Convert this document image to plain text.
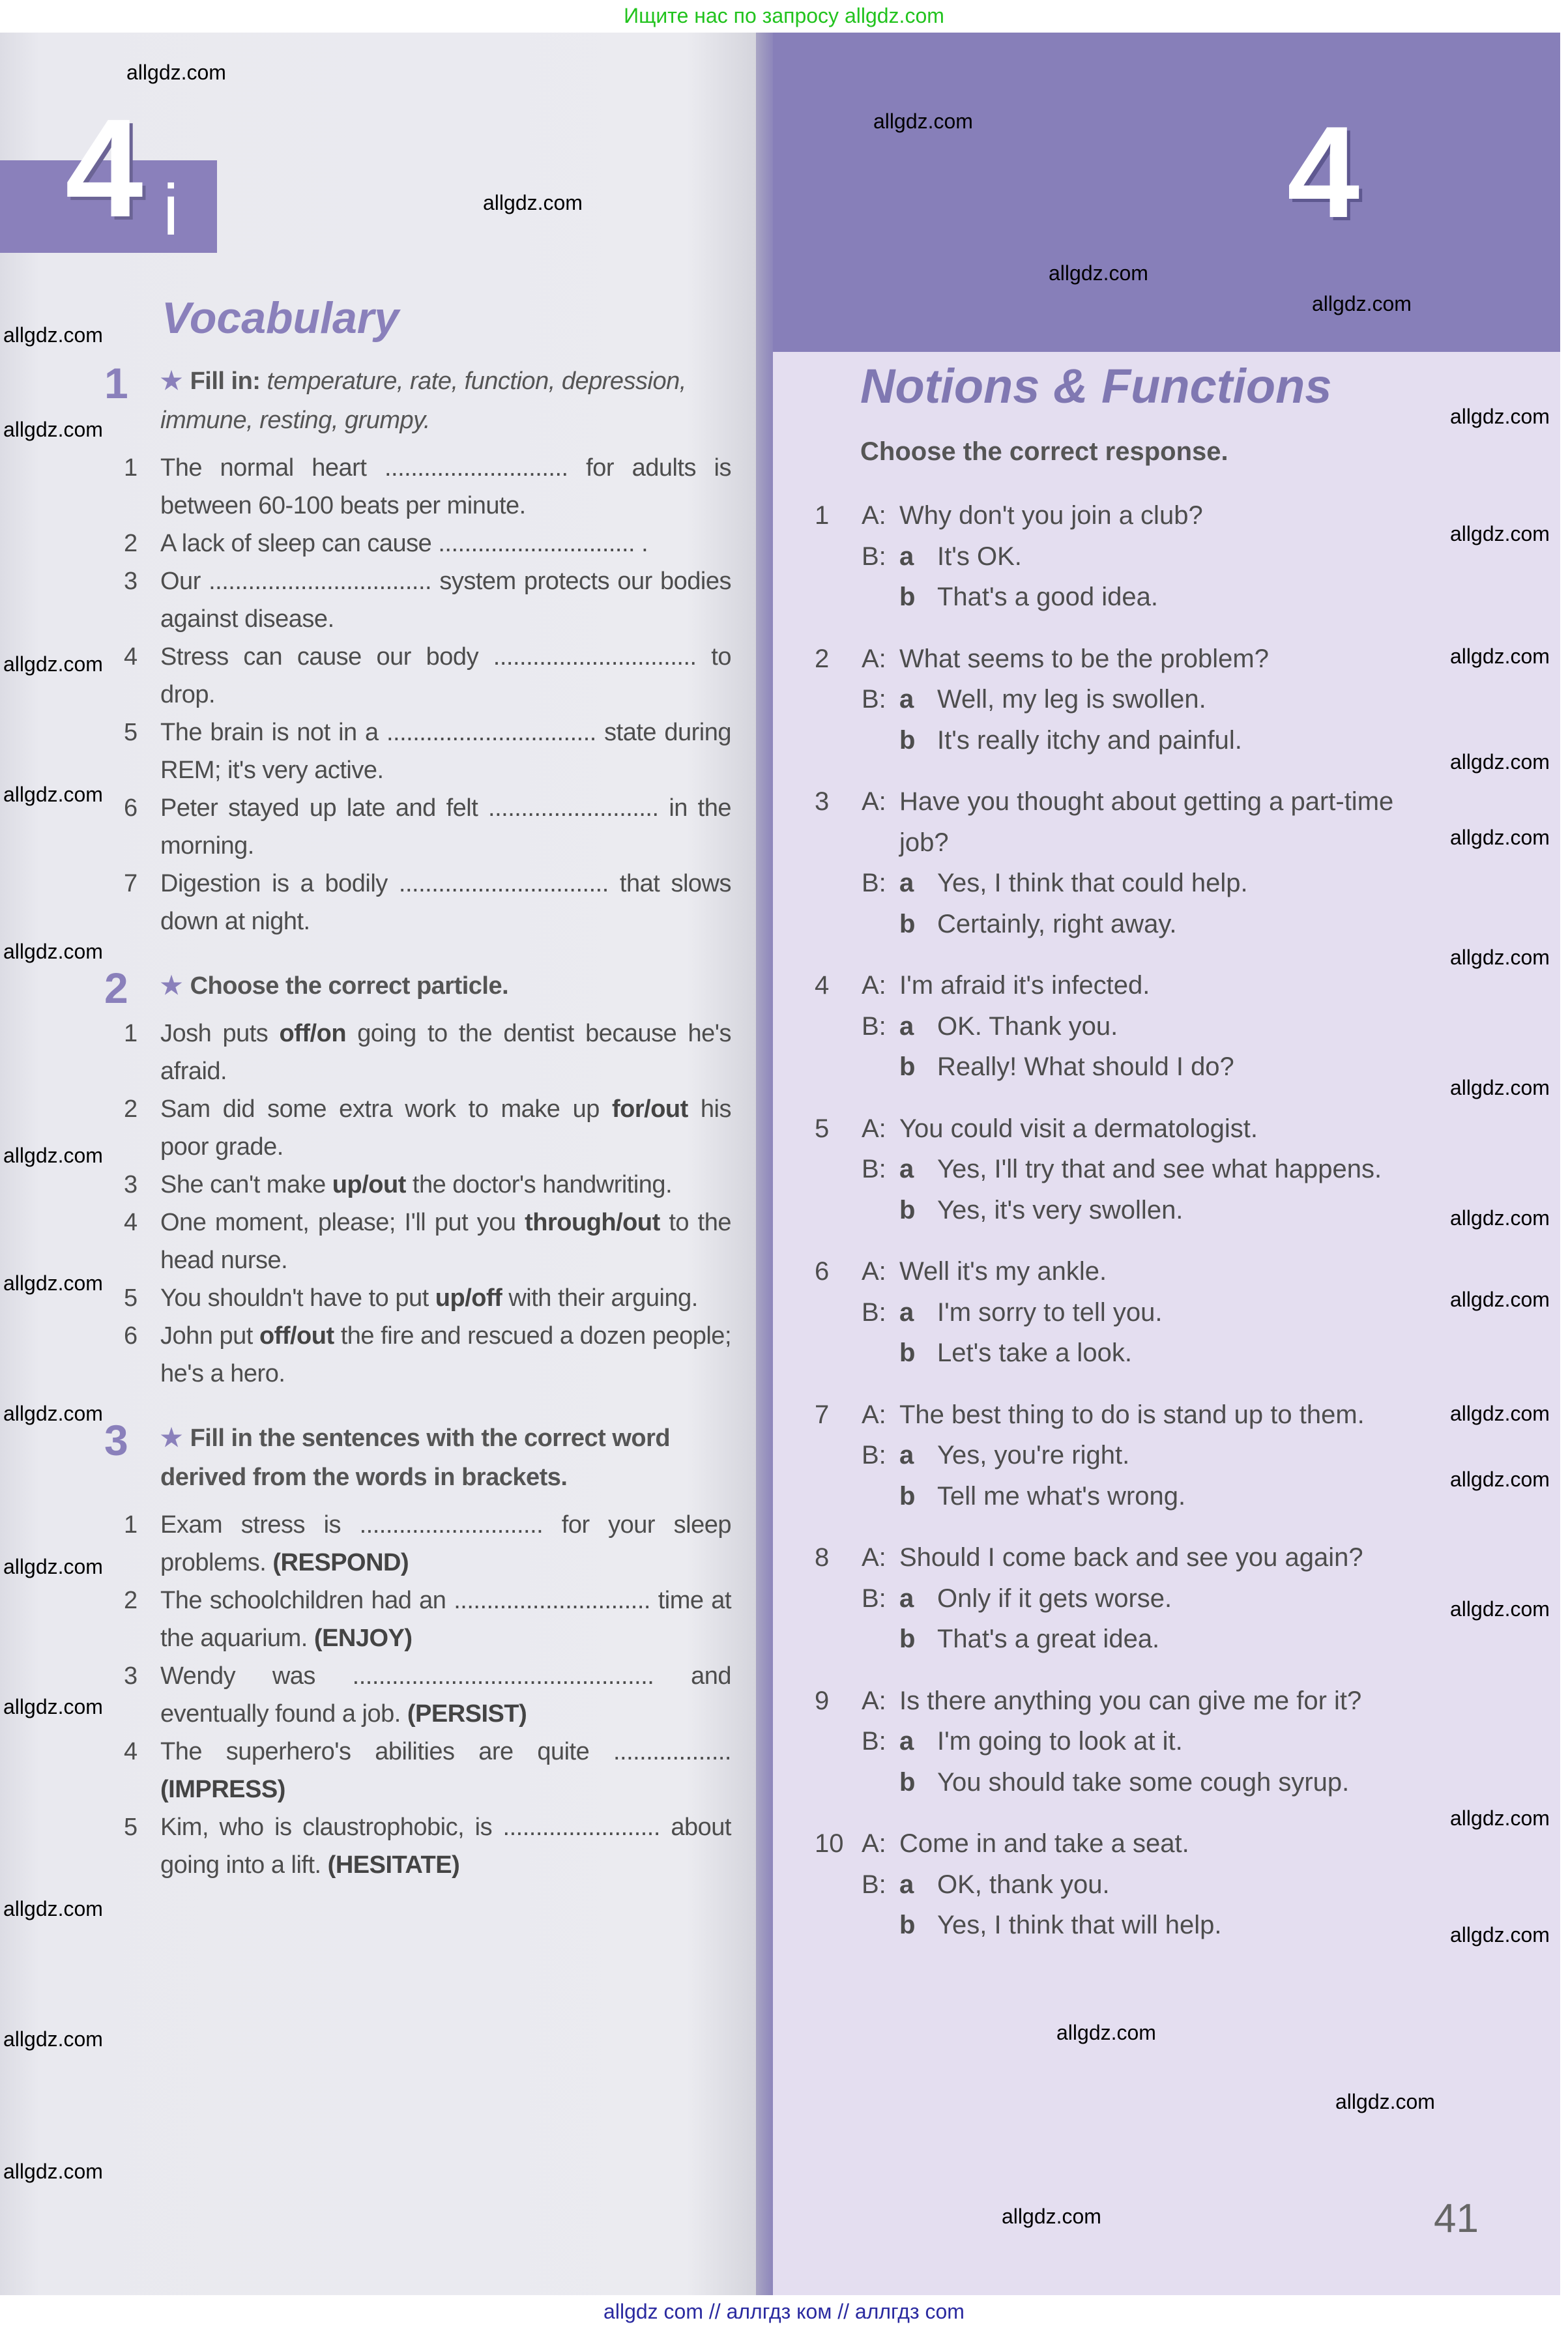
Ищите нас по запросу allgdz.com
4 i	4
Vocabulary
1 ★ Fill in: temperature, rate, function, depression, immune, resting, grumpy.
1 The normal heart ............................ for adults is between 60-100 beats per minute.
2 A lack of sleep can cause .............................. .
3 Our .................................. system protects our bodies against disease.
4 Stress can cause our body ............................... to drop.
5 The brain is not in a ................................ state during REM; it's very active.
6 Peter stayed up late and felt .......................... in the morning.
7 Digestion is a bodily ................................ that slows down at night.
2 ★ Choose the correct particle.
1 Josh puts off/on going to the dentist because he's afraid.
2 Sam did some extra work to make up for/out his poor grade.
3 She can't make up/out the doctor's handwriting.
4 One moment, please; I'll put you through/out to the head nurse.
5 You shouldn't have to put up/off with their arguing.
6 John put off/out the fire and rescued a dozen people; he's a hero.
3 ★ Fill in the sentences with the correct word derived from the words in brackets.
1 Exam stress is ............................ for your sleep problems. (RESPOND)
2 The schoolchildren had an .............................. time at the aquarium. (ENJOY)
3 Wendy was .............................................. and eventually found a job. (PERSIST)
4 The superhero's abilities are quite .................. (IMPRESS)
5 Kim, who is claustrophobic, is ........................ about going into a lift. (HESITATE)
Notions & Functions
Choose the correct response.
1 A: Why don't you join a club?
B: a It's OK.
b That's a good idea.
2 A: What seems to be the problem?
B: a Well, my leg is swollen.
b It's really itchy and painful.
3 A: Have you thought about getting a part-time job?
B: a Yes, I think that could help.
b Certainly, right away.
4 A: I'm afraid it's infected.
B: a OK. Thank you.
b Really! What should I do?
5 A: You could visit a dermatologist.
B: a Yes, I'll try that and see what happens.
b Yes, it's very swollen.
6 A: Well it's my ankle.
B: a I'm sorry to tell you.
b Let's take a look.
7 A: The best thing to do is stand up to them.
B: a Yes, you're right.
b Tell me what's wrong.
8 A: Should I come back and see you again?
B: a Only if it gets worse.
b That's a great idea.
9 A: Is there anything you can give me for it?
B: a I'm going to look at it.
b You should take some cough syrup.
10 A: Come in and take a seat.
B: a OK, thank you.
b Yes, I think that will help.
41
allgdz.com
allgdz.com
allgdz.com
allgdz.com
allgdz.com
allgdz.com
allgdz.com
allgdz.com
allgdz.com
allgdz.com
allgdz.com
allgdz.com
allgdz.com
allgdz.com
allgdz.com
allgdz.com
allgdz.com
allgdz.com
allgdz.com
allgdz.com
allgdz.com
allgdz.com
allgdz.com
allgdz.com
allgdz.com
allgdz.com
allgdz.com
allgdz.com
allgdz.com
allgdz.com
allgdz.com
allgdz.com
allgdz.com
allgdz.com
allgdz.com
allgdz com // аллгдз ком // аллгдз com
